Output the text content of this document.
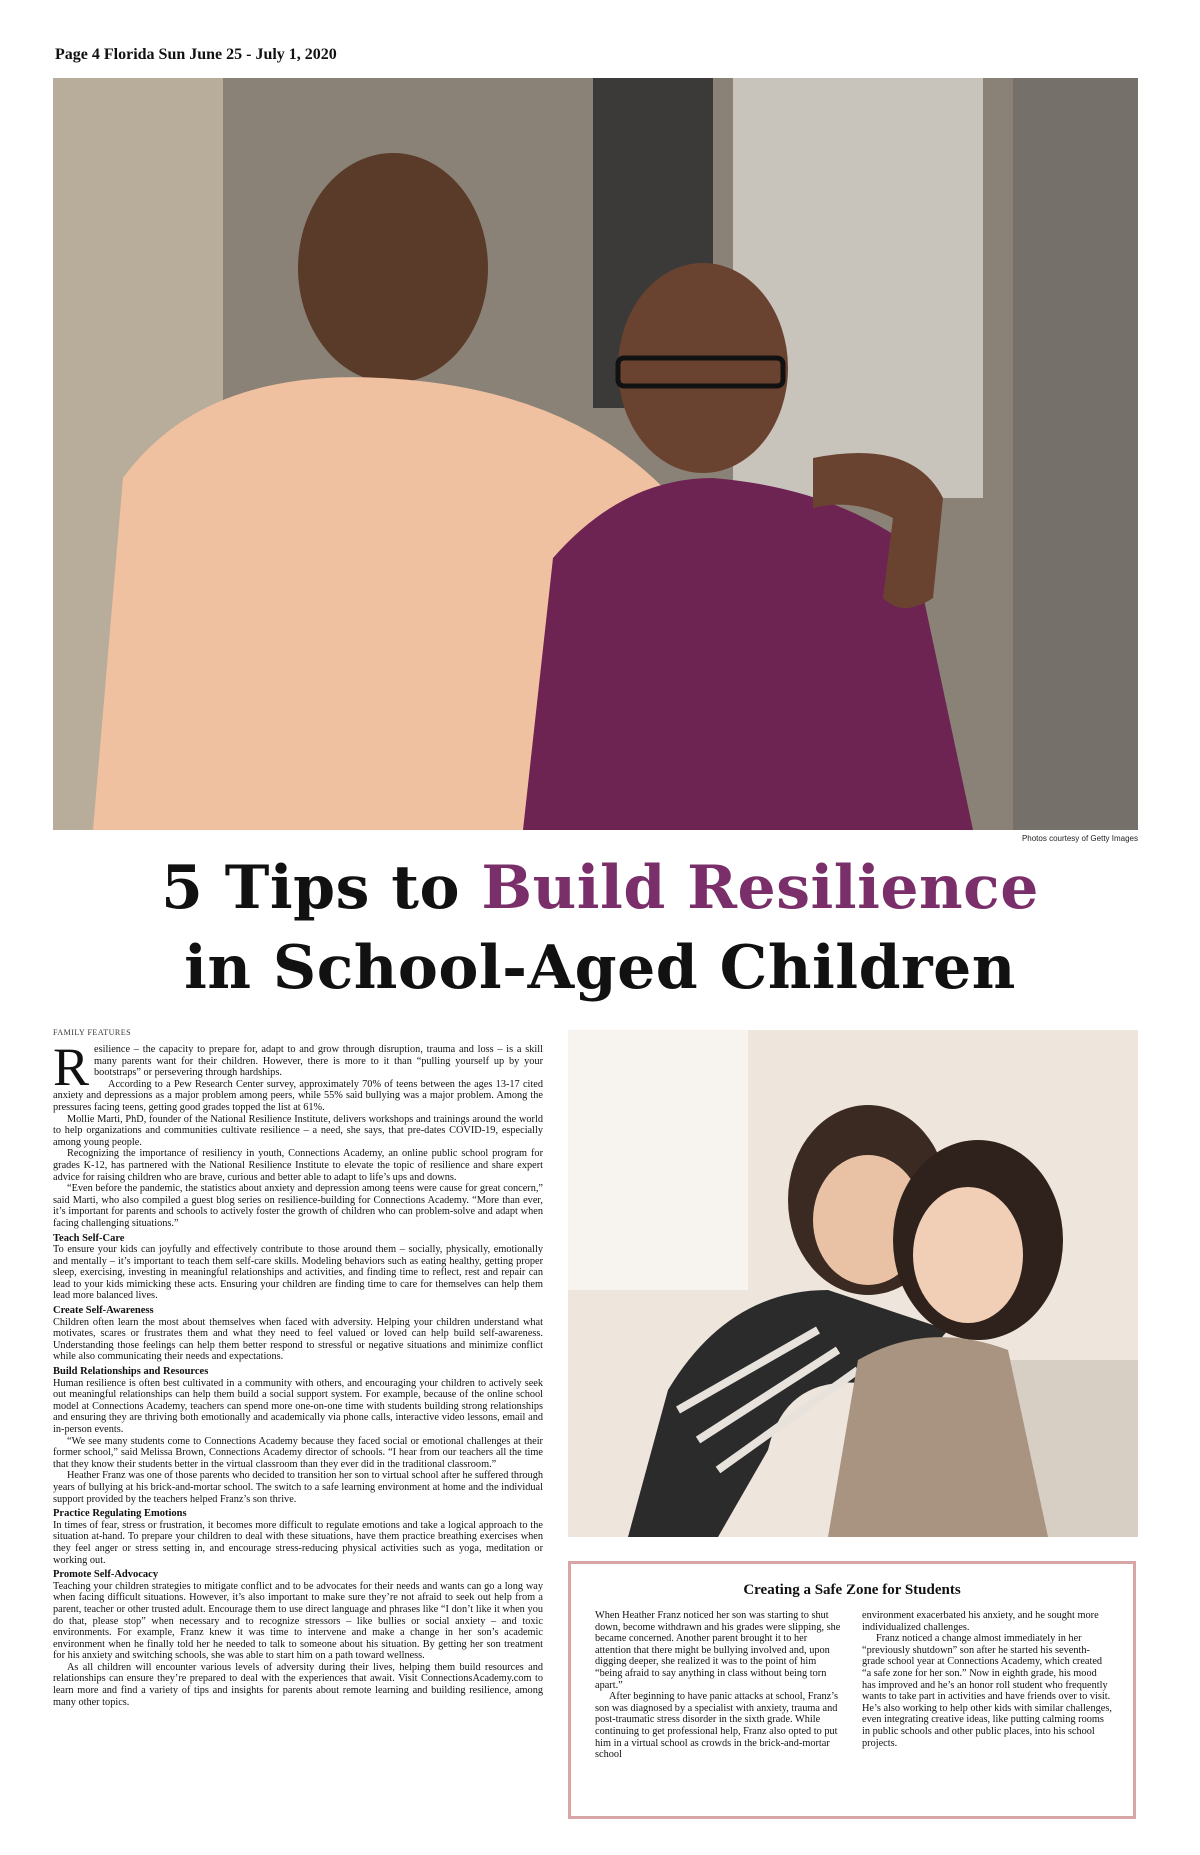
Page 4 Florida Sun June 25 - July 1, 2020
Photos courtesy of Getty Images
5 Tips to Build Resilience
in School-Aged Children
FAMILY FEATURES

Resilience – the capacity to prepare for, adapt to and grow through disruption, trauma and loss – is a skill many parents want for their children. However, there is more to it than “pulling yourself up by your bootstraps” or persevering through hardships.

According to a Pew Research Center survey, approximately 70% of teens between the ages 13-17 cited anxiety and depressions as a major problem among peers, while 55% said bullying was a major problem. Among the pressures facing teens, getting good grades topped the list at 61%.

Mollie Marti, PhD, founder of the National Resilience Institute, delivers workshops and trainings around the world to help organizations and communities cultivate resilience – a need, she says, that pre-dates COVID-19, especially among young people.

Recognizing the importance of resiliency in youth, Connections Academy, an online public school program for grades K-12, has partnered with the National Resilience Institute to elevate the topic of resilience and share expert advice for raising children who are brave, curious and better able to adapt to life’s ups and downs.

“Even before the pandemic, the statistics about anxiety and depression among teens were cause for great concern,” said Marti, who also compiled a guest blog series on resilience-building for Connections Academy. “More than ever, it’s important for parents and schools to actively foster the growth of children who can problem-solve and adapt when facing challenging situations.”

Teach Self-Care

To ensure your kids can joyfully and effectively contribute to those around them – socially, physically, emotionally and mentally – it’s important to teach them self-care skills. Modeling behaviors such as eating healthy, getting proper sleep, exercising, investing in meaningful relationships and activities, and finding time to reflect, rest and repair can lead to your kids mimicking these acts. Ensuring your children are finding time to care for themselves can help them lead more balanced lives.

Create Self-Awareness

Children often learn the most about themselves when faced with adversity. Helping your children understand what motivates, scares or frustrates them and what they need to feel valued or loved can help build self-awareness. Understanding those feelings can help them better respond to stressful or negative situations and minimize conflict while also communicating their needs and expectations.

Build Relationships and Resources

Human resilience is often best cultivated in a community with others, and encouraging your children to actively seek out meaningful relationships can help them build a social support system. For example, because of the online school model at Connections Academy, teachers can spend more one-on-one time with students building strong relationships and ensuring they are thriving both emotionally and academically via phone calls, interactive video lessons, email and in-person events.

“We see many students come to Connections Academy because they faced social or emotional challenges at their former school,” said Melissa Brown, Connections Academy director of schools. “I hear from our teachers all the time that they know their students better in the virtual classroom than they ever did in the traditional classroom.”

Heather Franz was one of those parents who decided to transition her son to virtual school after he suffered through years of bullying at his brick-and-mortar school. The switch to a safe learning environment at home and the individual support provided by the teachers helped Franz’s son thrive.

Practice Regulating Emotions

In times of fear, stress or frustration, it becomes more difficult to regulate emotions and take a logical approach to the situation at-hand. To prepare your children to deal with these situations, have them practice breathing exercises when they feel anger or stress setting in, and encourage stress-reducing physical activities such as yoga, meditation or working out.

Promote Self-Advocacy

Teaching your children strategies to mitigate conflict and to be advocates for their needs and wants can go a long way when facing difficult situations. However, it’s also important to make sure they’re not afraid to seek out help from a parent, teacher or other trusted adult. Encourage them to use direct language and phrases like “I don’t like it when you do that, please stop” when necessary and to recognize stressors – like bullies or social anxiety – and toxic environments. For example, Franz knew it was time to intervene and make a change in her son’s academic environment when he finally told her he needed to talk to someone about his situation. By getting her son treatment for his anxiety and switching schools, she was able to start him on a path toward wellness.

As all children will encounter various levels of adversity during their lives, helping them build resources and relationships can ensure they’re prepared to deal with the experiences that await. Visit ConnectionsAcademy.com to learn more and find a variety of tips and insights for parents about remote learning and building resilience, among many other topics.

Creating a Safe Zone for Students

When Heather Franz noticed her son was starting to shut down, become withdrawn and his grades were slipping, she became concerned. Another parent brought it to her attention that there might be bullying involved and, upon digging deeper, she realized it was to the point of him “being afraid to say anything in class without being torn apart.”

After beginning to have panic attacks at school, Franz’s son was diagnosed by a specialist with anxiety, trauma and post-traumatic stress disorder in the sixth grade. While continuing to get professional help, Franz also opted to put him in a virtual school as crowds in the brick-and-mortar school

environment exacerbated his anxiety, and he sought more individualized challenges.

Franz noticed a change almost immediately in her “previously shutdown” son after he started his seventh-grade school year at Connections Academy, which created “a safe zone for her son.” Now in eighth grade, his mood has improved and he’s an honor roll student who frequently wants to take part in activities and have friends over to visit. He’s also working to help other kids with similar challenges, even integrating creative ideas, like putting calming rooms in public schools and other public places, into his school projects.
